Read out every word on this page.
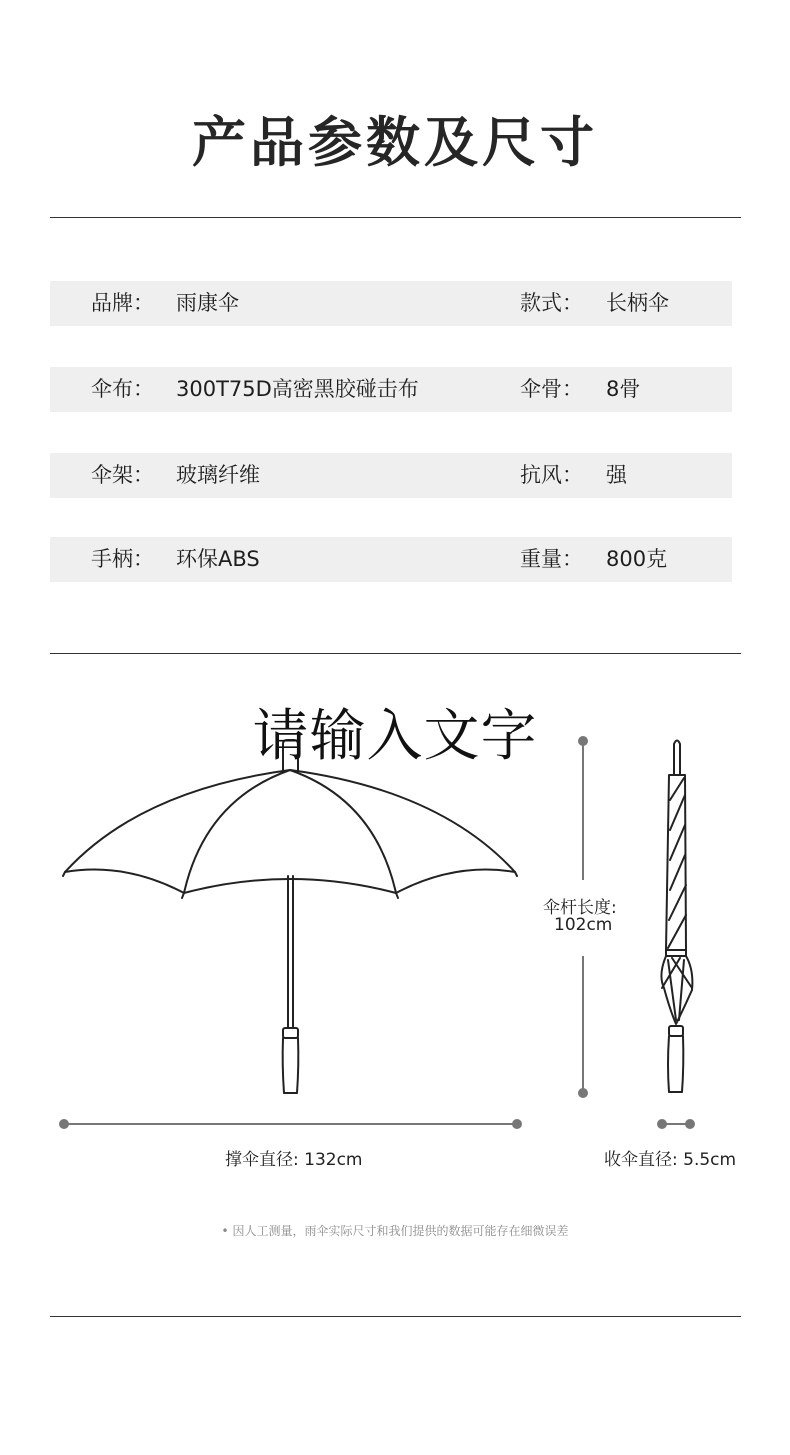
产品参数及尺寸
品牌： 雨康伞	款式： 长柄伞
伞布： 300T75D高密黑胶碰击布	伞骨： 8骨
伞架： 玻璃纤维	抗风： 强
手柄： 环保ABS	重量： 800克
请输入文字
伞杆长度:
102cm
撑伞直径: 132cm	收伞直径: 5.5cm
• 因人工测量，雨伞实际尺寸和我们提供的数据可能存在细微误差
